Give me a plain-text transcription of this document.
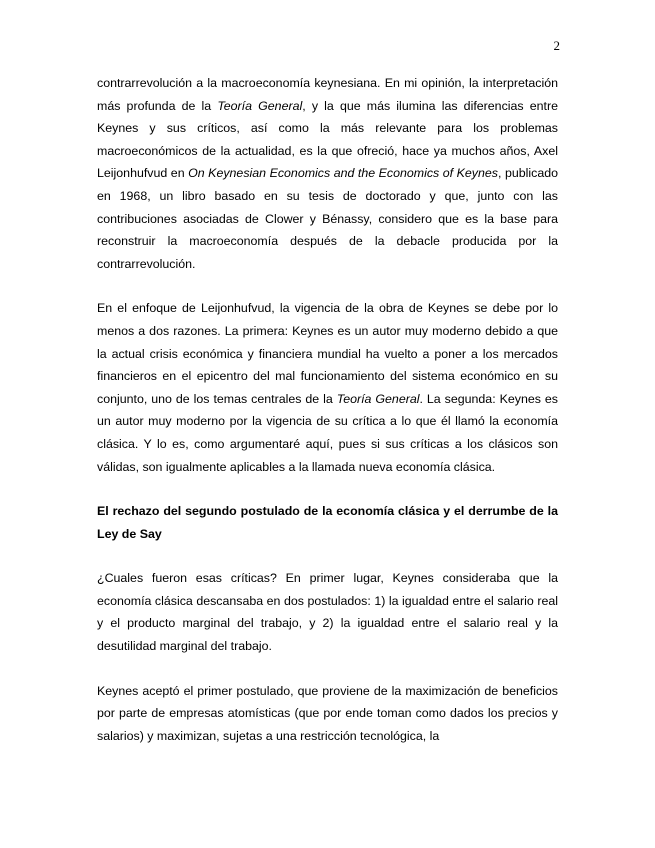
2

contrarrevolución a la macroeconomía keynesiana. En mi opinión, la interpretación más profunda de la Teoría General, y la que más ilumina las diferencias entre Keynes y sus críticos, así como la más relevante para los problemas macroeconómicos de la actualidad, es la que ofreció, hace ya muchos años, Axel Leijonhufvud en On Keynesian Economics and the Economics of Keynes, publicado en 1968, un libro basado en su tesis de doctorado y que, junto con las contribuciones asociadas de Clower y Bénassy, considero que es la base para reconstruir la macroeconomía después de la debacle producida por la contrarrevolución.

En el enfoque de Leijonhufvud, la vigencia de la obra de Keynes se debe por lo menos a dos razones. La primera: Keynes es un autor muy moderno debido a que la actual crisis económica y financiera mundial ha vuelto a poner a los mercados financieros en el epicentro del mal funcionamiento del sistema económico en su conjunto, uno de los temas centrales de la Teoría General. La segunda: Keynes es un autor muy moderno por la vigencia de su crítica a lo que él llamó la economía clásica. Y lo es, como argumentaré aquí, pues si sus críticas a los clásicos son válidas, son igualmente aplicables a la llamada nueva economía clásica.

El rechazo del segundo postulado de la economía clásica y el derrumbe de la Ley de Say

¿Cuales fueron esas críticas? En primer lugar, Keynes consideraba que la economía clásica descansaba en dos postulados: 1) la igualdad entre el salario real y el producto marginal del trabajo, y 2) la igualdad entre el salario real y la desutilidad marginal del trabajo.

Keynes aceptó el primer postulado, que proviene de la maximización de beneficios por parte de empresas atomísticas (que por ende toman como dados los precios y salarios) y maximizan, sujetas a una restricción tecnológica, la
